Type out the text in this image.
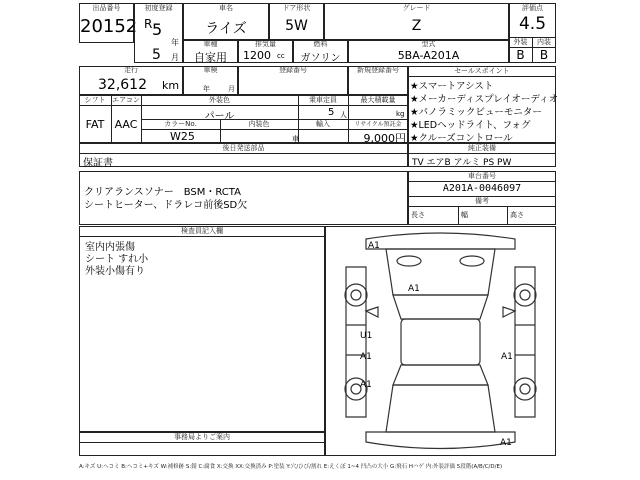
出品番号
20152
初度登録
R 5
年
5 月
車名
ライズ
ドア形状
5W
グレード
Z
評価点
4.5
外装	内装
B	B
車種
自家用
排気量
1200 cc
燃料
ガソリン
型式
5BA-A201A
走行
32,612 km
車検
年	月
登録番号	新規登録番号
シフト エアコン
FAT AAC
外装色
パール
乗車定員
5 人
最大積載量
kg
カラーNo.
W25
内装色	輸入
車
リサイクル預託金
9,000円
後日発送部品
保証書
セールスポイント
★スマートアシスト
★メーカーディスプレイオーディオ
★パノラミックビューモニター
★LEDヘッドライト、フォグ
★クルーズコントロール
純正装備
TV エアB アルミ PS PW
クリアランスソナー　BSM・RCTA
シートヒーター、ドラレコ前後SD欠
車台番号
A201A-0046097
備考
長さ	幅	高さ
検査員記入欄
室内内張傷
シート すれ小
外装小傷有り
事務局よりご案内
A1
A1
U1
A1	A1
A1
A1
A:キズ U:ヘコミ B:ヘコミ+キズ W:補修跡 S:錆 C:腐食 X:交換 XX:交換済み P:塗装 Y:穴/ひび/割れ E:えくぼ 1~4 凹凸の大小 G:飛石 Hハゲ 内:外装評価 5段階(A/B/C/D/E)
